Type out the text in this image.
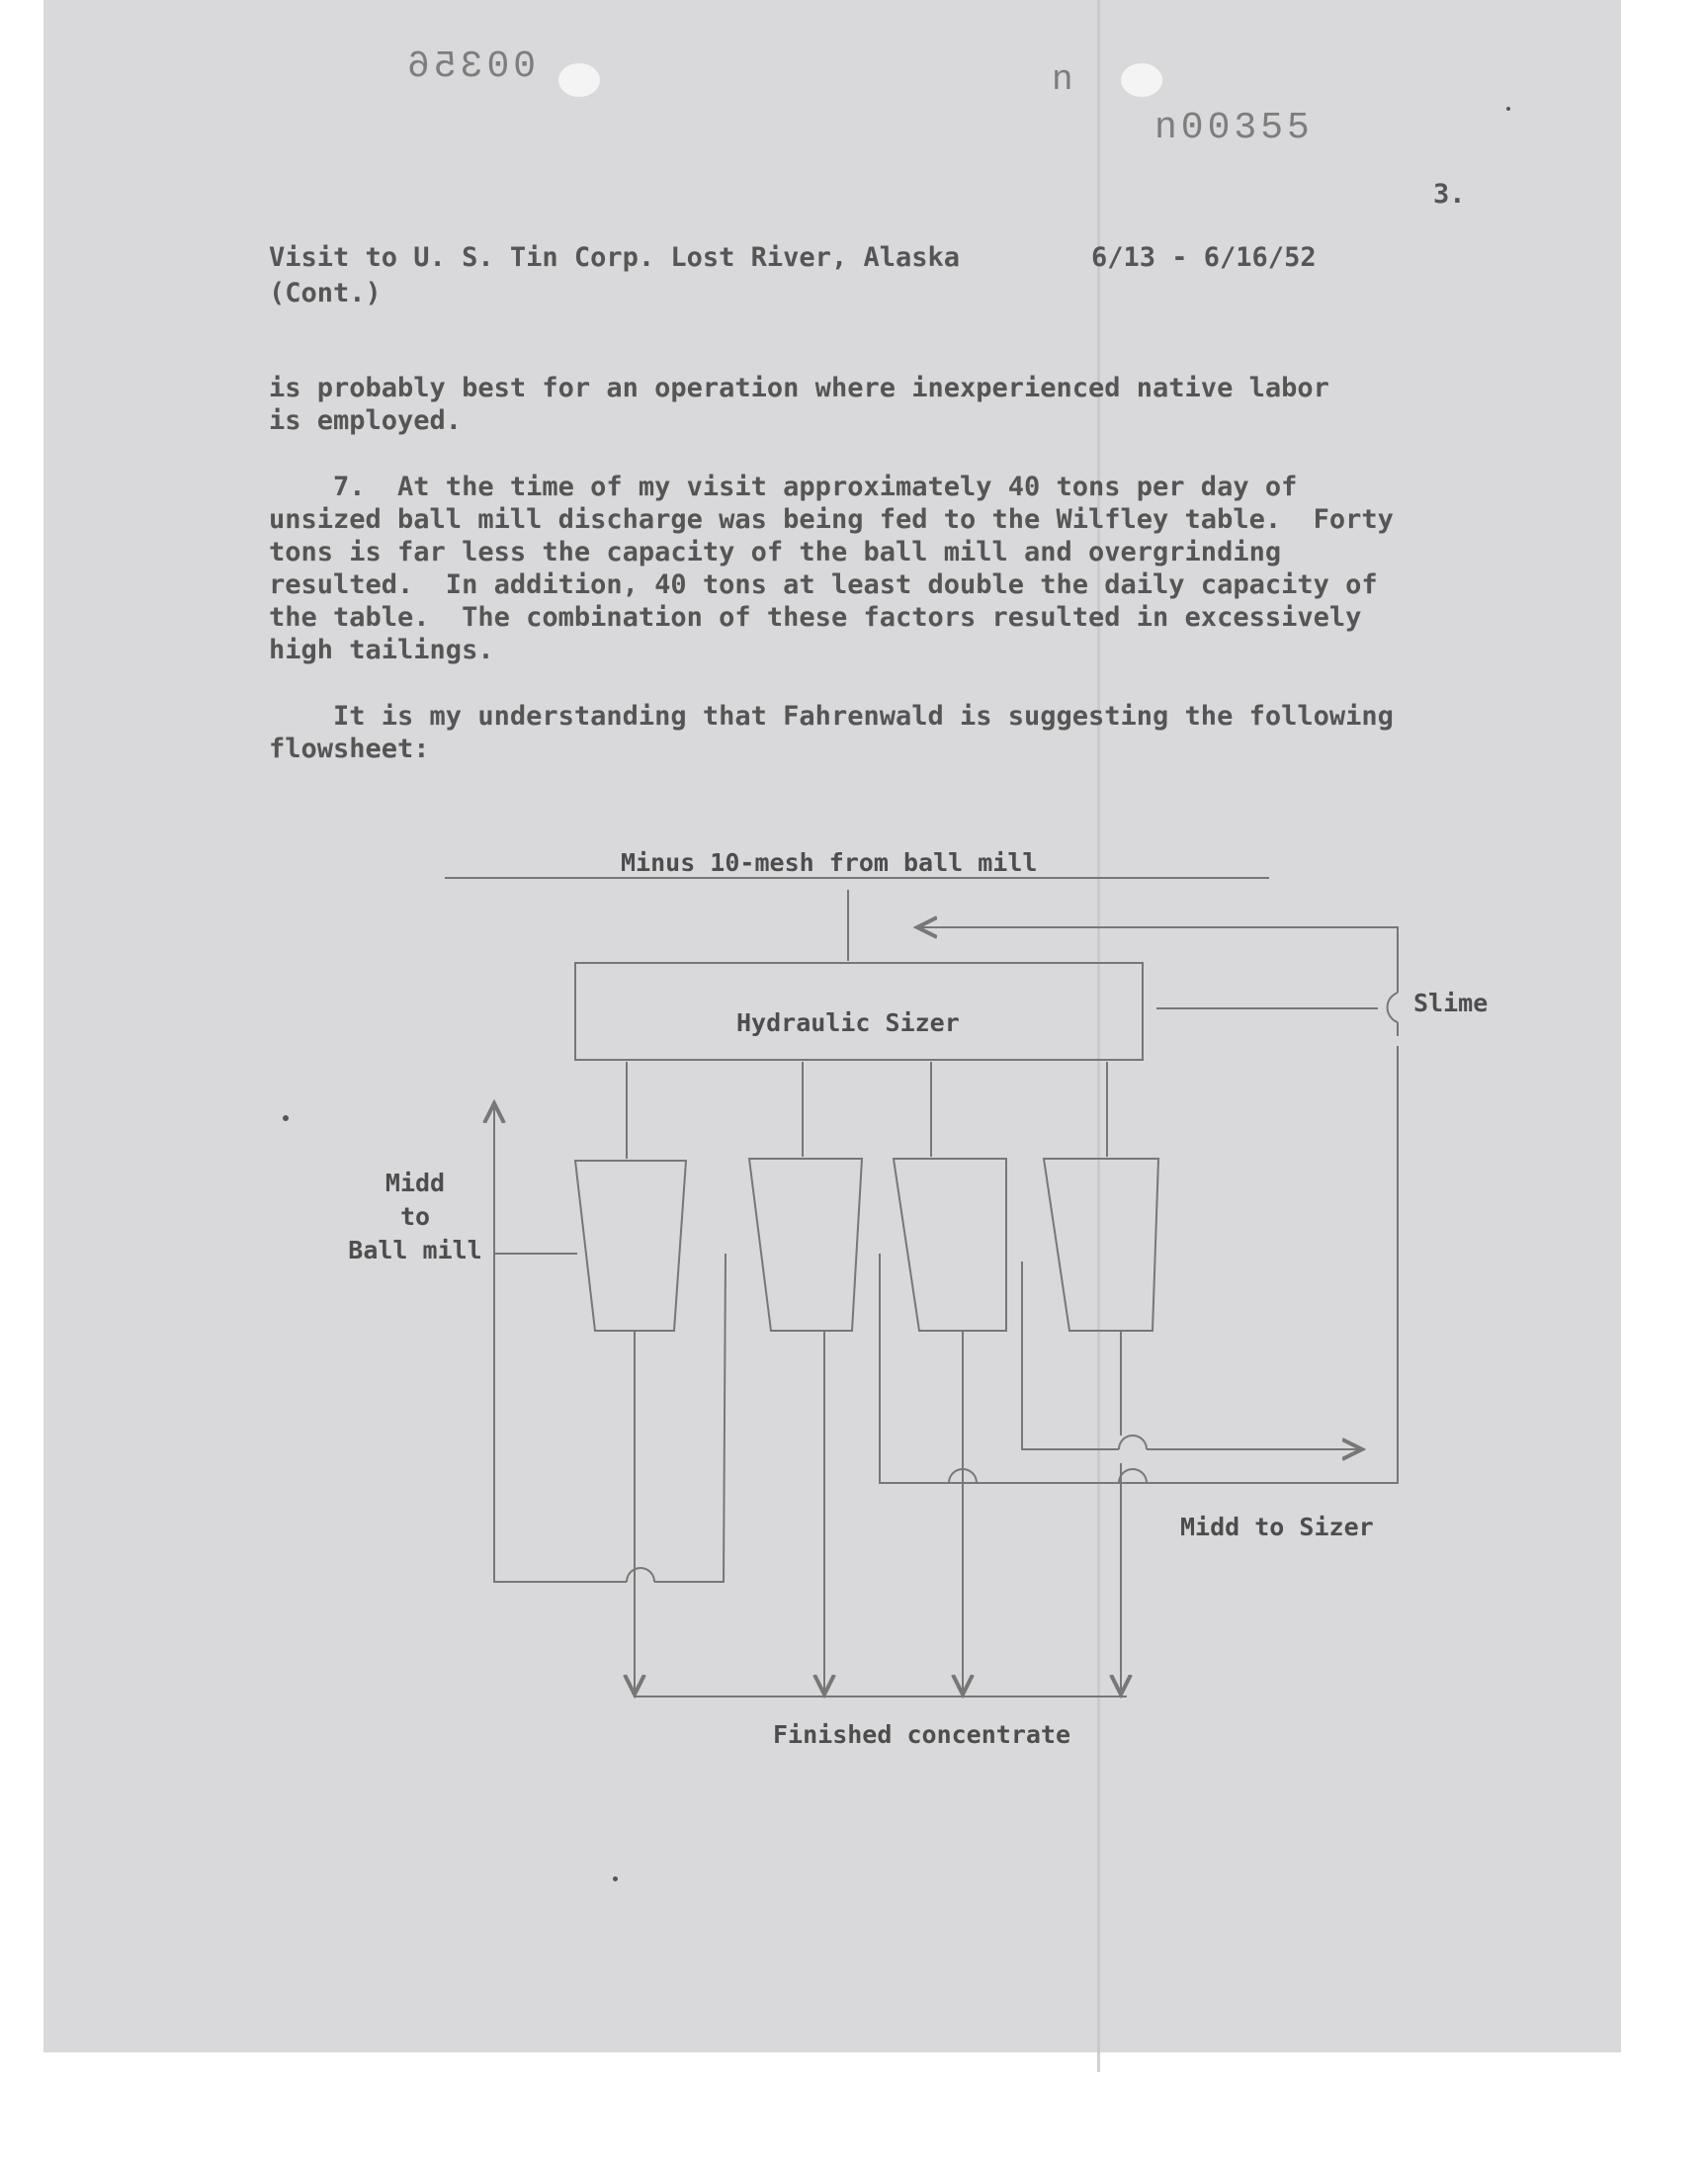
00356	n
n00355
3.
Visit to U. S. Tin Corp. Lost River, Alaska	6/13 - 6/16/52
(Cont.)
is probably best for an operation where inexperienced native labor
is employed.
7.  At the time of my visit approximately 40 tons per day of
unsized ball mill discharge was being fed to the Wilfley table.  Forty
tons is far less the capacity of the ball mill and overgrinding
resulted.  In addition, 40 tons at least double the daily capacity of
the table.  The combination of these factors resulted in excessively
high tailings.
It is my understanding that Fahrenwald is suggesting the following
flowsheet:
Minus 10-mesh from ball mill
Hydraulic Sizer
Slime
Midd
to
Ball mill
Midd to Sizer
Finished concentrate
